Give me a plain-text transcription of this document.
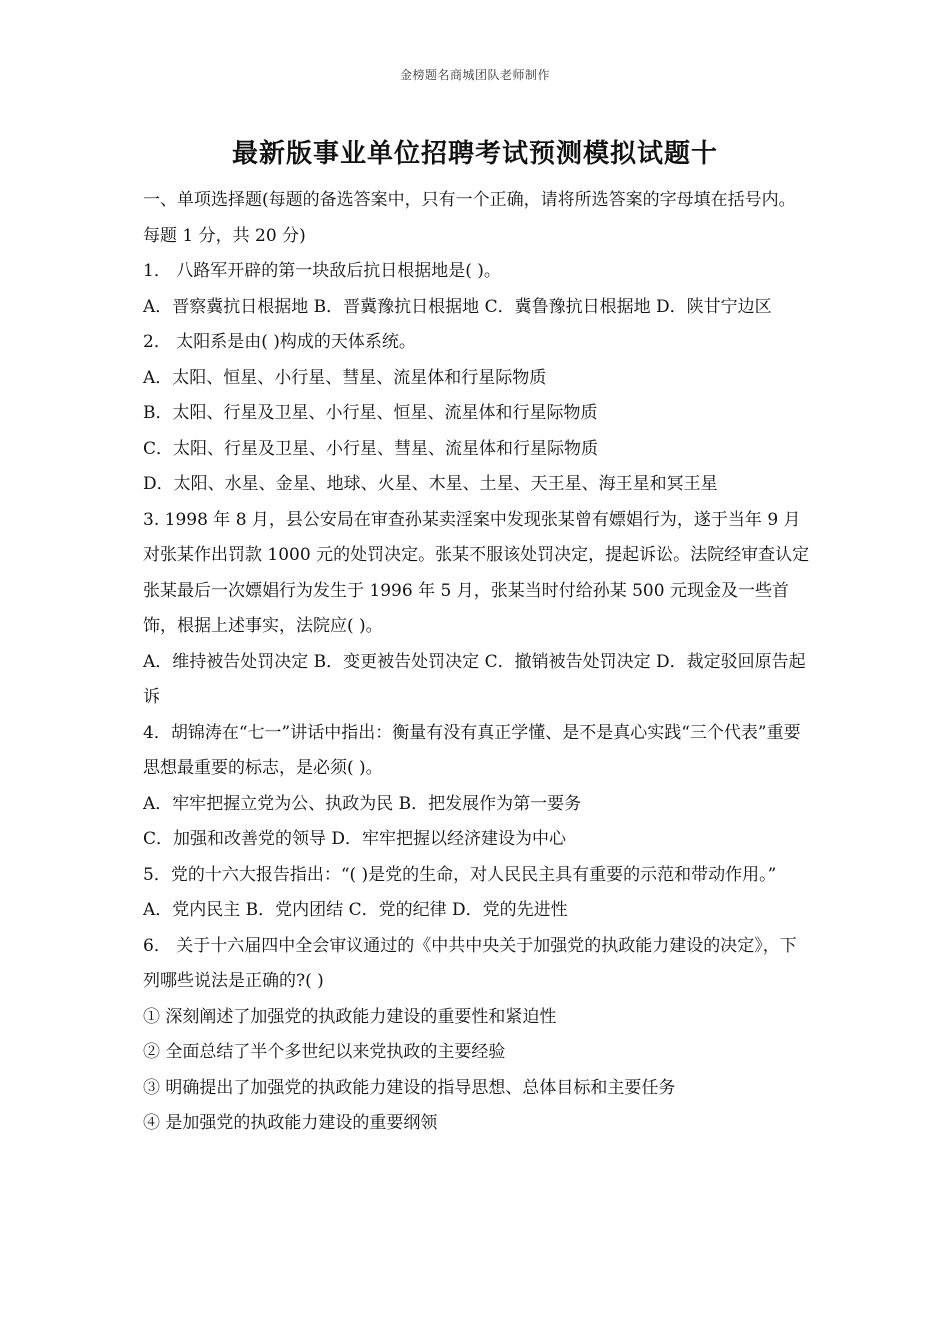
金榜题名商城团队老师制作
最新版事业单位招聘考试预测模拟试题十

一、单项选择题(每题的备选答案中，只有一个正确，请将所选答案的字母填在括号内。每题 1 分，共 20 分)

1． 八路军开辟的第一块敌后抗日根据地是( )。

A．晋察冀抗日根据地 B．晋冀豫抗日根据地 C．冀鲁豫抗日根据地 D．陕甘宁边区

2． 太阳系是由( )构成的天体系统。

A．太阳、恒星、小行星、彗星、流星体和行星际物质

B．太阳、行星及卫星、小行星、恒星、流星体和行星际物质

C．太阳、行星及卫星、小行星、彗星、流星体和行星际物质

D．太阳、水星、金星、地球、火星、木星、土星、天王星、海王星和冥王星

3. 1998 年 8 月，县公安局在审查孙某卖淫案中发现张某曾有嫖娼行为，遂于当年 9 月对张某作出罚款 1000 元的处罚决定。张某不服该处罚决定，提起诉讼。法院经审查认定张某最后一次嫖娼行为发生于 1996 年 5 月，张某当时付给孙某 500 元现金及一些首饰，根据上述事实，法院应( )。

A．维持被告处罚决定 B．变更被告处罚决定 C．撤销被告处罚决定 D．裁定驳回原告起诉

4．胡锦涛在“七一”讲话中指出：衡量有没有真正学懂、是不是真心实践“三个代表”重要思想最重要的标志，是必须( )。

A．牢牢把握立党为公、执政为民 B．把发展作为第一要务

C．加强和改善党的领导 D．牢牢把握以经济建设为中心

5．党的十六大报告指出：“( )是党的生命，对人民民主具有重要的示范和带动作用。”

A．党内民主 B．党内团结 C．党的纪律 D．党的先进性

6． 关于十六届四中全会审议通过的《中共中央关于加强党的执政能力建设的决定》，下列哪些说法是正确的?( )

① 深刻阐述了加强党的执政能力建设的重要性和紧迫性

② 全面总结了半个多世纪以来党执政的主要经验

③ 明确提出了加强党的执政能力建设的指导思想、总体目标和主要任务

④ 是加强党的执政能力建设的重要纲领
